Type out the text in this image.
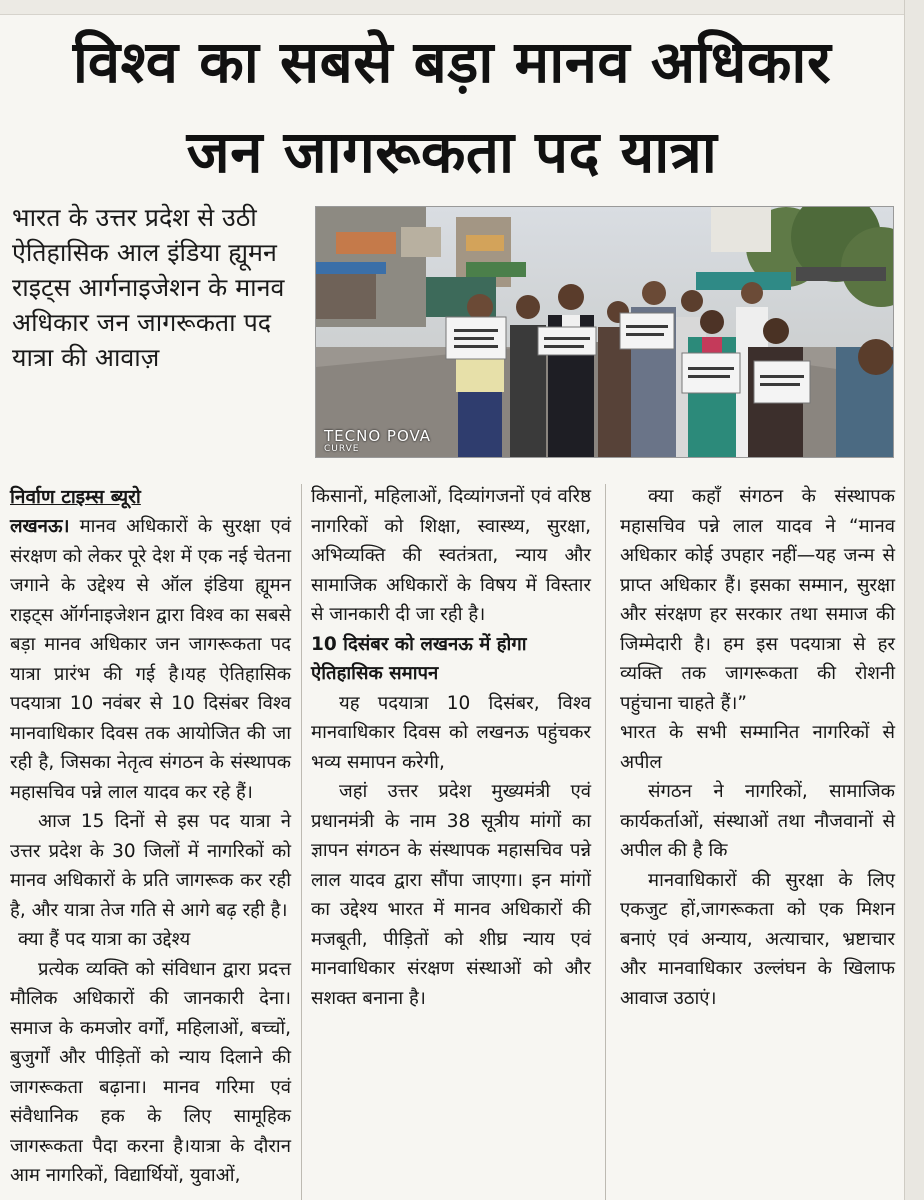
विश्व का सबसे बड़ा मानव अधिकार
जन जागरूकता पद यात्रा
भारत के उत्तर प्रदेश से उठी ऐतिहासिक आल इंडिया ह्यूमन राइट्स आर्गनाइजेशन के मानव अधिकार जन जागरूकता पद यात्रा की आवाज़
TECNO POVA
CURVE

निर्वाण टाइम्स ब्यूरो

लखनऊ। मानव अधिकारों के सुरक्षा एवं संरक्षण को लेकर पूरे देश में एक नई चेतना जगाने के उद्देश्य से ऑल इंडिया ह्यूमन राइट्स ऑर्गनाइजेशन द्वारा विश्व का सबसे बड़ा मानव अधिकार जन जागरूकता पद यात्रा प्रारंभ की गई है।यह ऐतिहासिक पदयात्रा 10 नवंबर से 10 दिसंबर विश्व मानवाधिकार दिवस तक आयोजित की जा रही है, जिसका नेतृत्व संगठन के संस्थापक महासचिव पन्ने लाल यादव कर रहे हैं।

आज 15 दिनों से इस पद यात्रा ने उत्तर प्रदेश के 30 जिलों में नागरिकों को मानव अधिकारों के प्रति जागरूक कर रही है, और यात्रा तेज गति से आगे बढ़ रही है।

क्या हैं पद यात्रा का उद्देश्य

प्रत्येक व्यक्ति को संविधान द्वारा प्रदत्त मौलिक अधिकारों की जानकारी देना। समाज के कमजोर वर्गों, महिलाओं, बच्चों, बुजुर्गों और पीड़ितों को न्याय दिलाने की जागरूकता बढ़ाना। मानव गरिमा एवं संवैधानिक हक के लिए सामूहिक जागरूकता पैदा करना है।यात्रा के दौरान आम नागरिकों, विद्यार्थियों, युवाओं,

किसानों, महिलाओं, दिव्यांगजनों एवं वरिष्ठ नागरिकों को शिक्षा, स्वास्थ्य, सुरक्षा, अभिव्यक्ति की स्वतंत्रता, न्याय और सामाजिक अधिकारों के विषय में विस्तार से जानकारी दी जा रही है।

10 दिसंबर को लखनऊ में होगा ऐतिहासिक समापन

यह पदयात्रा 10 दिसंबर, विश्व मानवाधिकार दिवस को लखनऊ पहुंचकर भव्य समापन करेगी,

जहां उत्तर प्रदेश मुख्यमंत्री एवं प्रधानमंत्री के नाम 38 सूत्रीय मांगों का ज्ञापन संगठन के संस्थापक महासचिव पन्ने लाल यादव द्वारा सौंपा जाएगा। इन मांगों का उद्देश्य भारत में मानव अधिकारों की मजबूती, पीड़ितों को शीघ्र न्याय एवं मानवाधिकार संरक्षण संस्थाओं को और सशक्त बनाना है।

क्या कहाँ संगठन के संस्थापक महासचिव पन्ने लाल यादव ने “मानव अधिकार कोई उपहार नहीं—यह जन्म से प्राप्त अधिकार हैं। इसका सम्मान, सुरक्षा और संरक्षण हर सरकार तथा समाज की जिम्मेदारी है। हम इस पदयात्रा से हर व्यक्ति तक जागरूकता की रोशनी पहुंचाना चाहते हैं।”

भारत के सभी सम्मानित नागरिकों से अपील

संगठन ने नागरिकों, सामाजिक कार्यकर्ताओं, संस्थाओं तथा नौजवानों से अपील की है कि

मानवाधिकारों की सुरक्षा के लिए एकजुट हों,जागरूकता को एक मिशन बनाएं एवं अन्याय, अत्याचार, भ्रष्टाचार और मानवाधिकार उल्लंघन के खिलाफ आवाज उठाएं।
